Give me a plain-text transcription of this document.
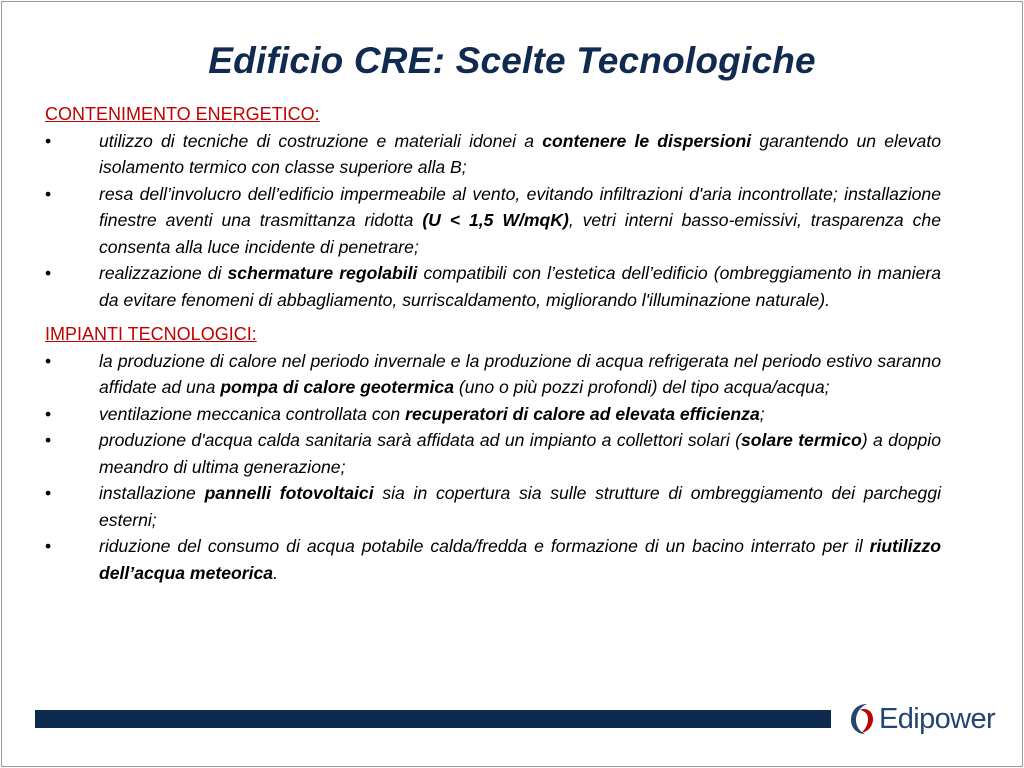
Edificio CRE: Scelte Tecnologiche
CONTENIMENTO ENERGETICO:
•	utilizzo di tecniche di costruzione e materiali idonei a contenere le dispersioni garantendo un elevato isolamento termico con classe superiore alla B;
•	resa dell’involucro dell’edificio impermeabile al vento, evitando infiltrazioni d'aria incontrollate; installazione finestre aventi una trasmittanza ridotta (U < 1,5 W/mqK), vetri interni basso-emissivi, trasparenza che consenta alla luce incidente di penetrare;
•	realizzazione di schermature regolabili compatibili con l’estetica dell’edificio (ombreggiamento in maniera da evitare fenomeni di abbagliamento, surriscaldamento, migliorando l'illuminazione naturale).
IMPIANTI TECNOLOGICI:
•	la produzione di calore nel periodo invernale e la produzione di acqua refrigerata nel periodo estivo saranno affidate ad una pompa di calore geotermica (uno o più pozzi profondi) del tipo acqua/acqua;
•	ventilazione meccanica controllata con recuperatori di calore ad elevata efficienza;
•	produzione d'acqua calda sanitaria sarà affidata ad un impianto a collettori solari (solare termico) a doppio meandro di ultima generazione;
•	installazione pannelli fotovoltaici sia in copertura sia sulle strutture di ombreggiamento dei parcheggi esterni;
•	riduzione del consumo di acqua potabile calda/fredda e formazione di un bacino interrato per il riutilizzo dell’acqua meteorica.
Edipower
